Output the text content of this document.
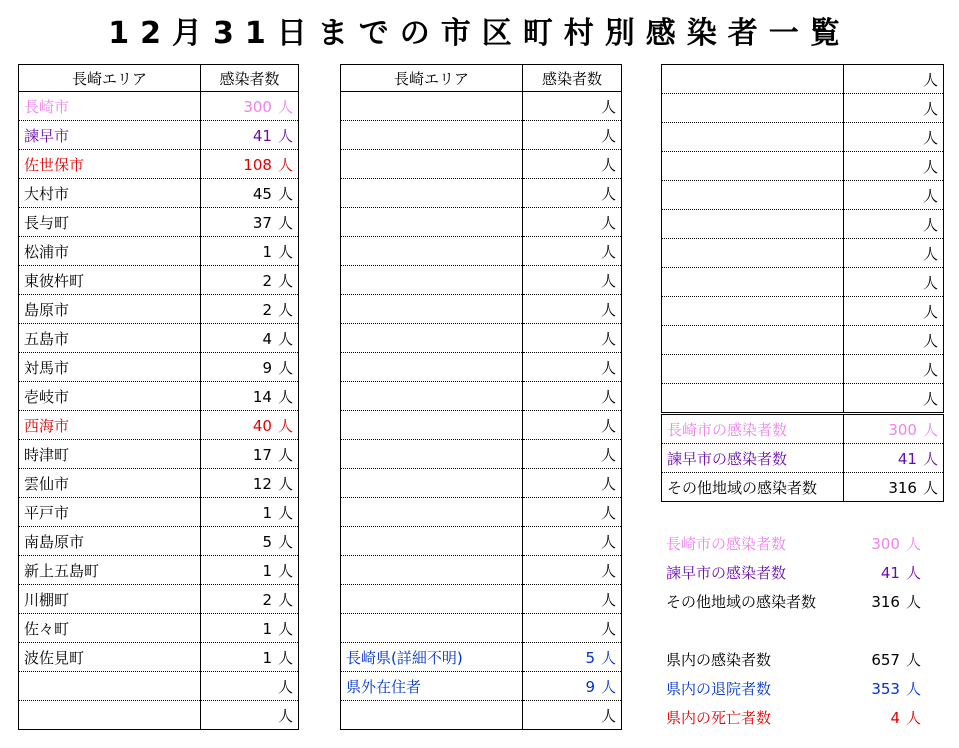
12月31日までの市区町村別感染者一覧
長崎エリア	感染者数
長崎市	300 人
諫早市	41 人
佐世保市	108 人
大村市	45 人
長与町	37 人
松浦市	1 人
東彼杵町	2 人
島原市	2 人
五島市	4 人
対馬市	9 人
壱岐市	14 人
西海市	40 人
時津町	17 人
雲仙市	12 人
平戸市	1 人
南島原市	5 人
新上五島町	1 人
川棚町	2 人
佐々町	1 人
波佐見町	1 人
	人
	人
長崎エリア	感染者数
	人
	人
	人
	人
	人
	人
	人
	人
	人
	人
	人
	人
	人
	人
	人
	人
	人
	人
	人
長崎県(詳細不明)	5 人
県外在住者	9 人
	人
	人
	人
	人
	人
	人
	人
	人
	人
	人
	人
	人
	人
長崎市の感染者数	300 人
諫早市の感染者数	41 人
その他地域の感染者数	316 人
長崎市の感染者数	300 人
諫早市の感染者数	41 人
その他地域の感染者数	316 人
県内の感染者数	657 人
県内の退院者数	353 人
県内の死亡者数	4 人
